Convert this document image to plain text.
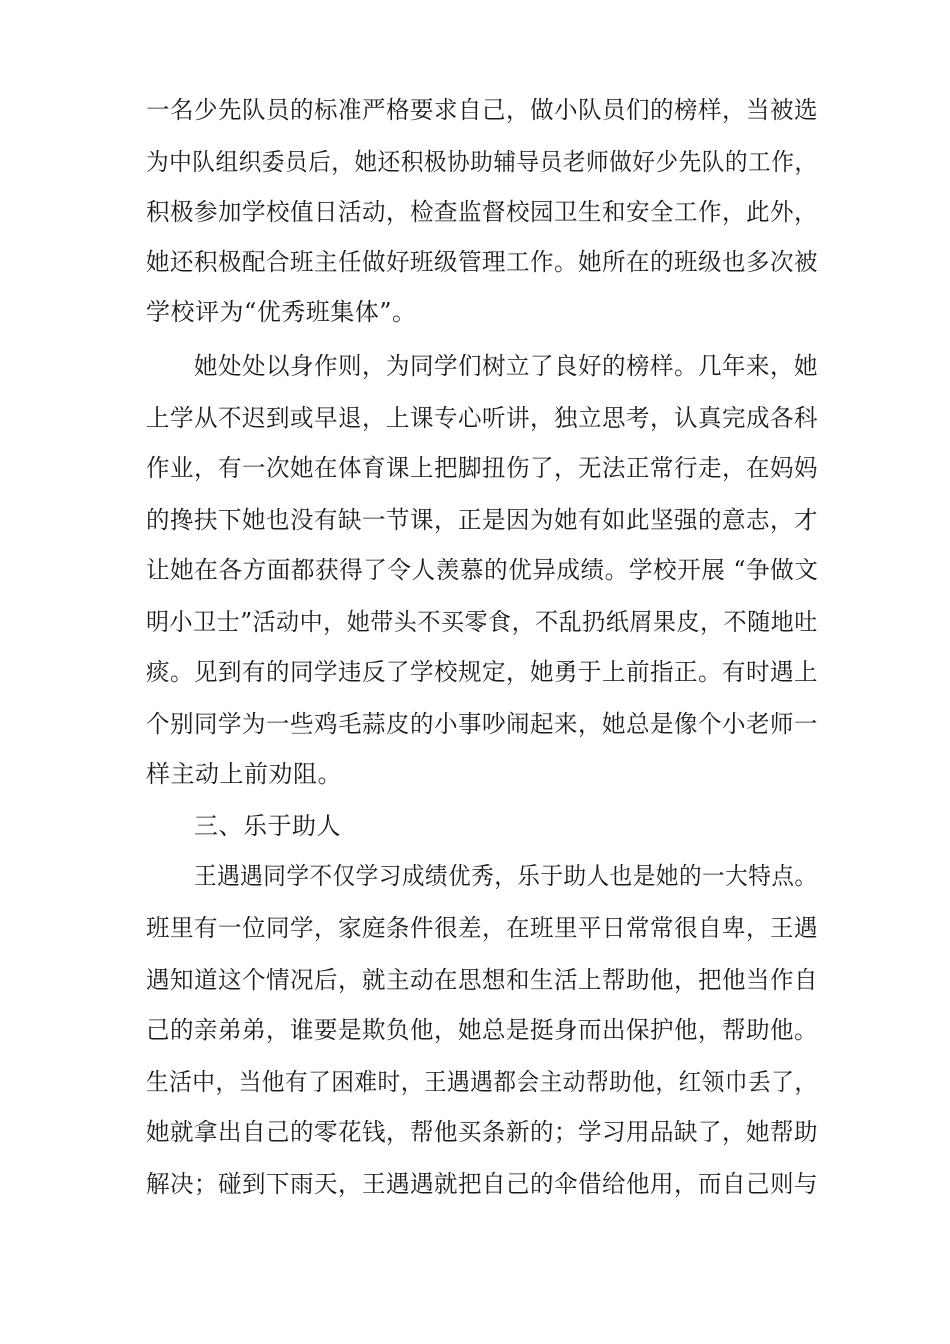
一名少先队员的标准严格要求自己，做小队员们的榜样，当被选
为中队组织委员后，她还积极协助辅导员老师做好少先队的工作，
积极参加学校值日活动，检查监督校园卫生和安全工作，此外，
她还积极配合班主任做好班级管理工作。她所在的班级也多次被
学校评为“优秀班集体”。
她处处以身作则，为同学们树立了良好的榜样。几年来，她
上学从不迟到或早退，上课专心听讲，独立思考，认真完成各科
作业，有一次她在体育课上把脚扭伤了，无法正常行走，在妈妈
的搀扶下她也没有缺一节课，正是因为她有如此坚强的意志，才
让她在各方面都获得了令人羡慕的优异成绩。学校开展 “争做文
明小卫士”活动中，她带头不买零食，不乱扔纸屑果皮，不随地吐
痰。见到有的同学违反了学校规定，她勇于上前指正。有时遇上
个别同学为一些鸡毛蒜皮的小事吵闹起来，她总是像个小老师一
样主动上前劝阻。
三、乐于助人
王遇遇同学不仅学习成绩优秀，乐于助人也是她的一大特点。
班里有一位同学，家庭条件很差，在班里平日常常很自卑，王遇
遇知道这个情况后，就主动在思想和生活上帮助他，把他当作自
己的亲弟弟，谁要是欺负他，她总是挺身而出保护他，帮助他。
生活中，当他有了困难时，王遇遇都会主动帮助他，红领巾丢了，
她就拿出自己的零花钱，帮他买条新的；学习用品缺了，她帮助
解决；碰到下雨天，王遇遇就把自己的伞借给他用，而自己则与
